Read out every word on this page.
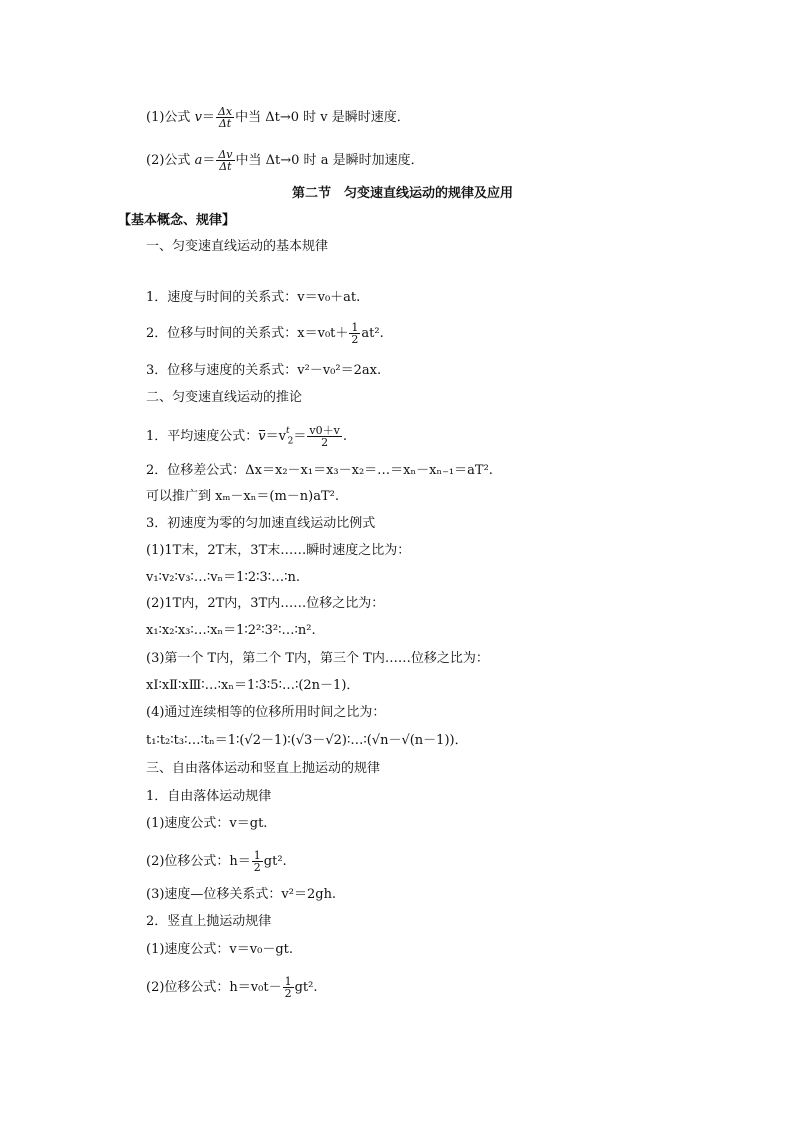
(1)公式 $v= \frac{\Delta x}{\Delta t}$ 中当 Δt→0 时 v 是瞬时速度．
(2)公式 $a= \frac{\Delta v}{\Delta t}$ 中当 Δt→0 时 a 是瞬时加速度．
第二节　匀变速直线运动的规律及应用
【基本概念、规律】
一、匀变速直线运动的基本规律
1．速度与时间的关系式：v＝v₀＋at.
2．位移与时间的关系式：$x=v_0t+ \frac{1}{2} at^2$.
3．位移与速度的关系式：v²－v₀²＝2ax.
二、匀变速直线运动的推论
1．平均速度公式：$v=v^t_2= \frac{v0+v}{2}$ .
2．位移差公式：Δx＝x₂－x₁＝x₃－x₂＝…＝xₙ－xₙ₋₁＝aT².
可以推广到 xₘ－xₙ＝(m－n)aT².
3．初速度为零的匀加速直线运动比例式
(1)1T末，2T末，3T末……瞬时速度之比为：
v₁∶v₂∶v₃∶…∶vₙ＝1∶2∶3∶…∶n.
(2)1T内，2T内，3T内……位移之比为：
x₁∶x₂∶x₃∶…∶xₙ＝1∶2²∶3²∶…∶n².
(3)第一个 T内，第二个 T内，第三个 T内……位移之比为：
xⅠ∶xⅡ∶xⅢ∶…∶xₙ＝1∶3∶5∶…∶(2n－1)．
(4)通过连续相等的位移所用时间之比为：
t₁∶t₂∶t₃∶…∶tₙ＝1∶(√2－1)∶(√3－√2)∶…∶(√n－√(n－1))．
三、自由落体运动和竖直上抛运动的规律
1．自由落体运动规律
(1)速度公式：v＝gt.
(2)位移公式：$h= \frac{1}{2} gt^2$.
(3)速度—位移关系式：v²＝2gh.
2．竖直上抛运动规律
(1)速度公式：v＝v₀－gt.
(2)位移公式：$h=v_0t- \frac{1}{2} gt^2$.
